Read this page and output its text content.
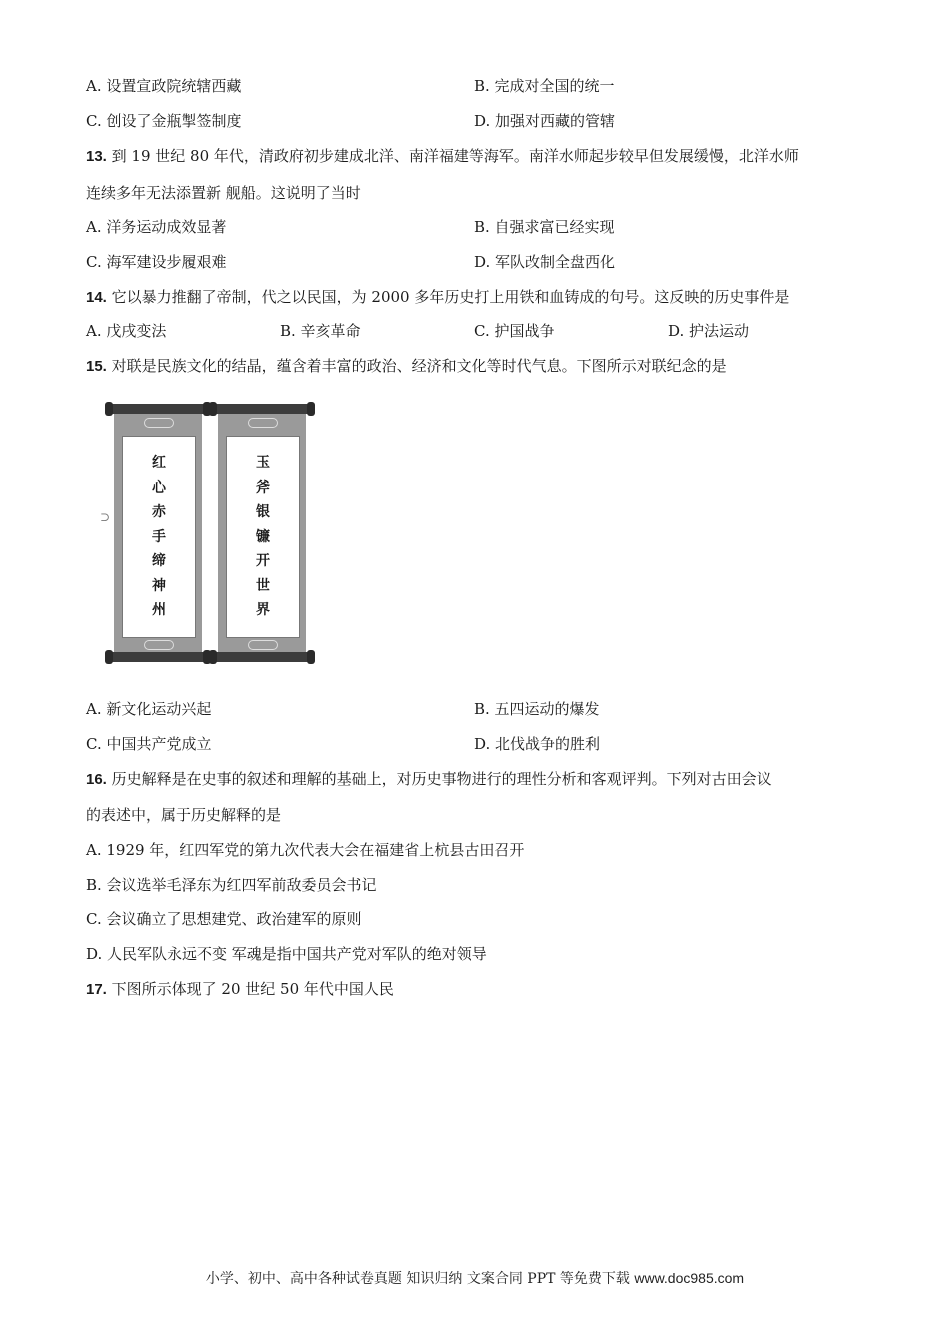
A. 设置宣政院统辖西藏	B. 完成对全国的统一
C. 创设了金瓶掣签制度	D. 加强对西藏的管辖
13. 到 19 世纪 80 年代，清政府初步建成北洋、南洋福建等海军。南洋水师起步较早但发展缓慢，北洋水师
连续多年无法添置新 舰船。这说明了当时
A. 洋务运动成效显著	B. 自强求富已经实现
C. 海军建设步履艰难	D. 军队改制全盘西化
14. 它以暴力推翻了帝制，代之以民国，为 2000 多年历史打上用铁和血铸成的句号。这反映的历史事件是
A. 戊戌变法	B. 辛亥革命	C. 护国战争	D. 护法运动
15. 对联是民族文化的结晶，蕴含着丰富的政治、经济和文化等时代气息。下图所示对联纪念的是
⊃
红
心
赤
手
缔
神
州
玉
斧
银
镰
开
世
界
A. 新文化运动兴起	B. 五四运动的爆发
C. 中国共产党成立	D. 北伐战争的胜利
16. 历史解释是在史事的叙述和理解的基础上，对历史事物进行的理性分析和客观评判。下列对古田会议
的表述中，属于历史解释的是
A. 1929 年，红四军党的第九次代表大会在福建省上杭县古田召开
B. 会议选举毛泽东为红四军前敌委员会书记
C. 会议确立了思想建党、政治建军的原则
D. 人民军队永远不变 军魂是指中国共产党对军队的绝对领导
17. 下图所示体现了 20 世纪 50 年代中国人民
小学、初中、高中各种试卷真题 知识归纳 文案合同 PPT 等免费下载 www.doc985.com
